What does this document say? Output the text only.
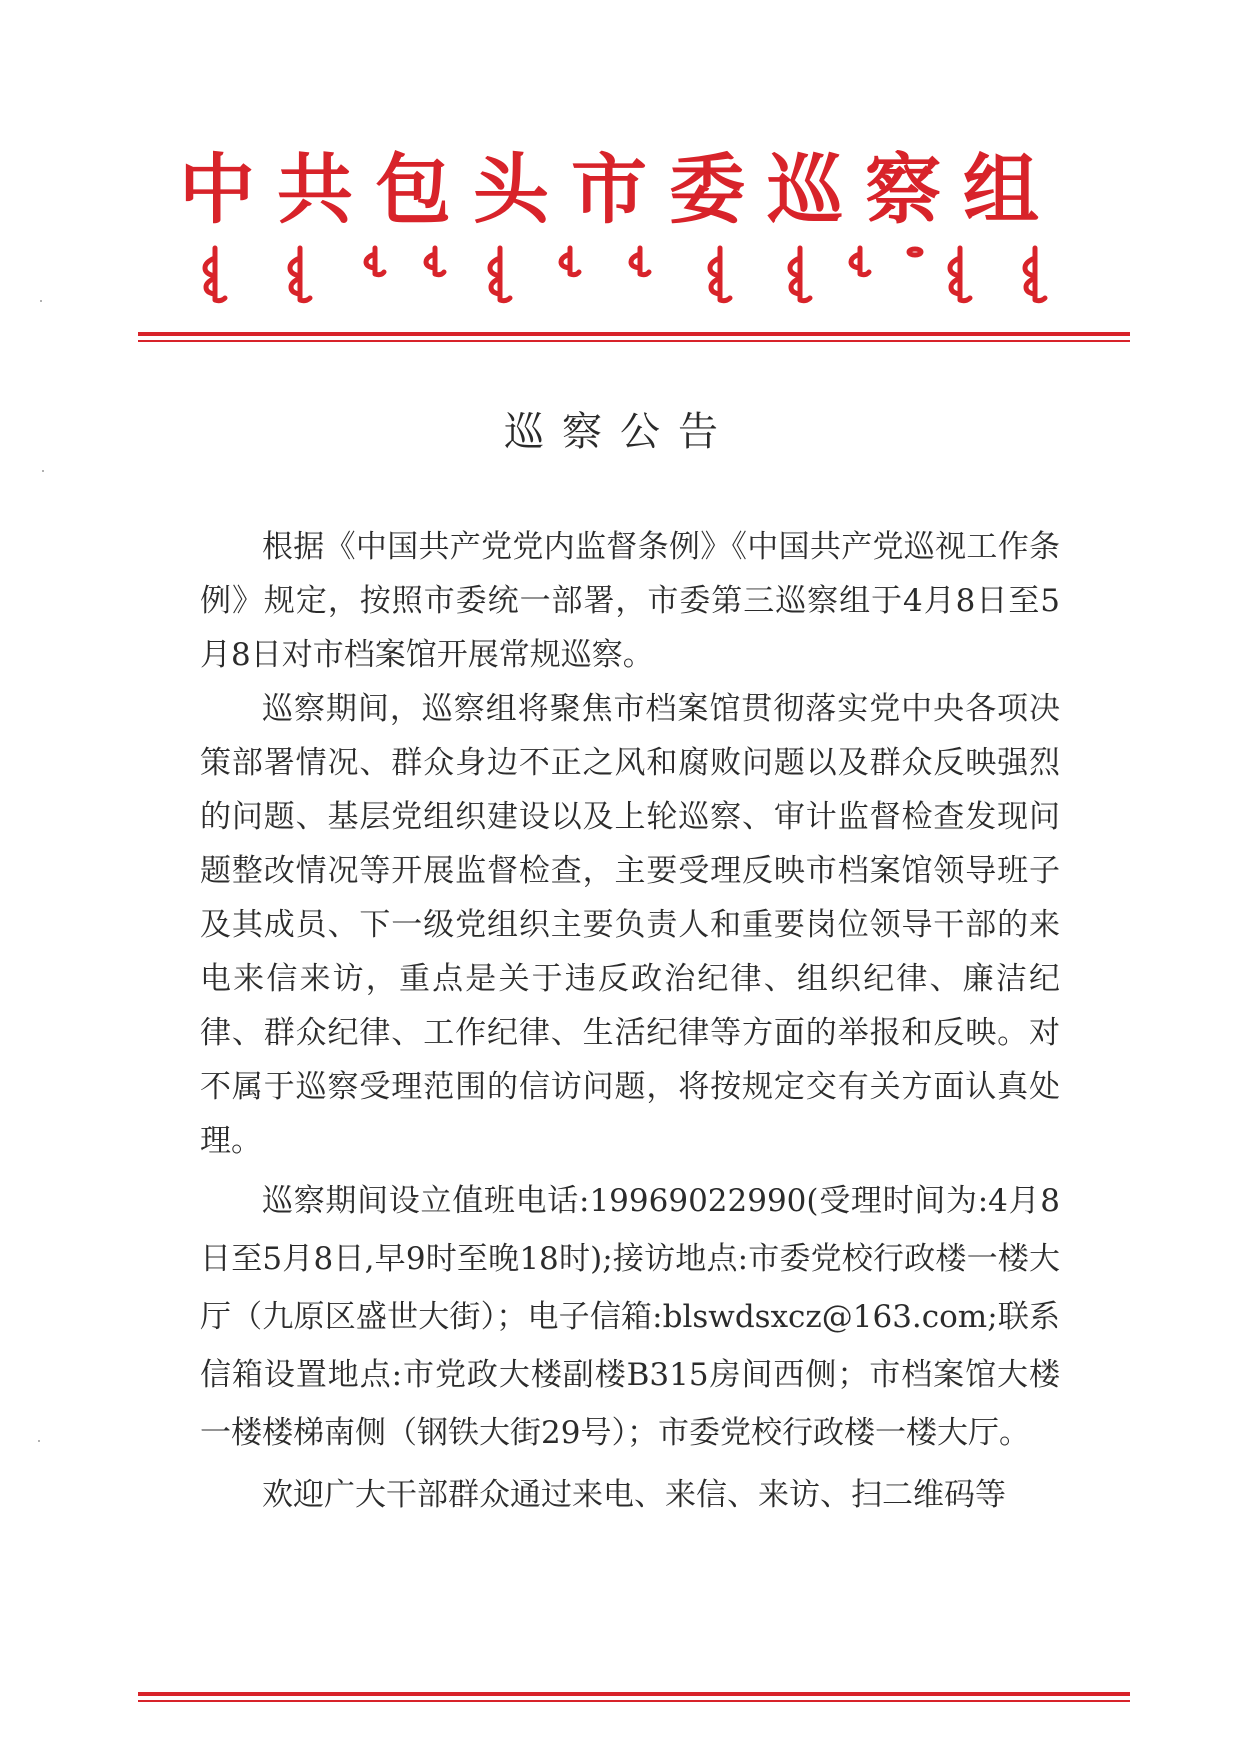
中共包头市委巡察组
巡察公告

根据《中国共产党党内监督条例》《中国共产党巡视工作条例》规定，按照市委统一部署，市委第三巡察组于4月8日至5月8日对市档案馆开展常规巡察。

巡察期间，巡察组将聚焦市档案馆贯彻落实党中央各项决策部署情况、群众身边不正之风和腐败问题以及群众反映强烈的问题、基层党组织建设以及上轮巡察、审计监督检查发现问题整改情况等开展监督检查，主要受理反映市档案馆领导班子及其成员、下一级党组织主要负责人和重要岗位领导干部的来电来信来访，重点是关于违反政治纪律、组织纪律、廉洁纪律、群众纪律、工作纪律、生活纪律等方面的举报和反映。对不属于巡察受理范围的信访问题，将按规定交有关方面认真处理。

巡察期间设立值班电话:19969022990(受理时间为:4月8日至5月8日,早9时至晚18时);接访地点:市委党校行政楼一楼大厅（九原区盛世大街）；电子信箱:blswdsxcz@163.com;联系信箱设置地点:市党政大楼副楼B315房间西侧；市档案馆大楼一楼楼梯南侧（钢铁大街29号）；市委党校行政楼一楼大厅。

欢迎广大干部群众通过来电、来信、来访、扫二维码等
